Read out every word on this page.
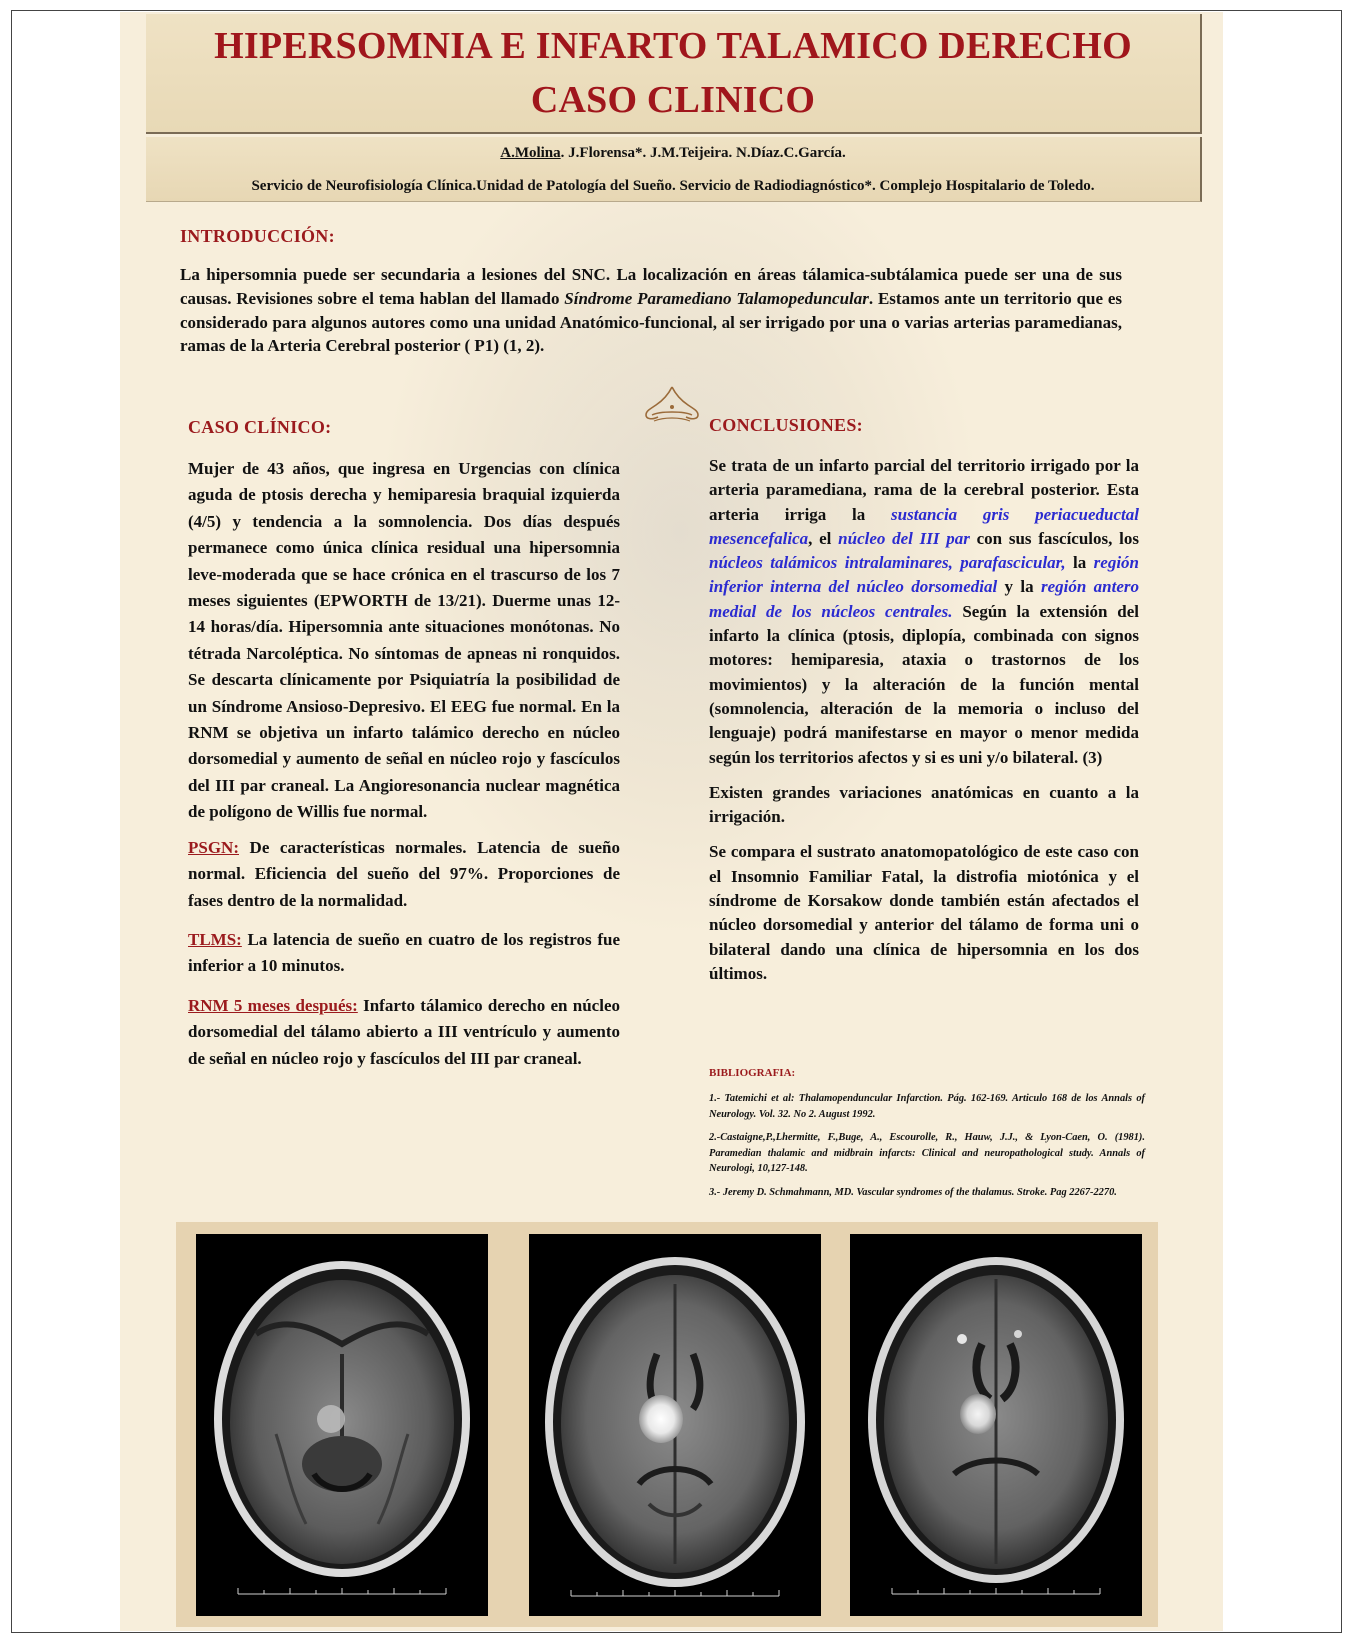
HIPERSOMNIA E INFARTO TALAMICO DERECHO
CASO CLINICO
A.Molina. J.Florensa*. J.M.Teijeira. N.Díaz.C.García.
Servicio de Neurofisiología Clínica.Unidad de Patología del Sueño. Servicio de Radiodiagnóstico*. Complejo Hospitalario de Toledo.
INTRODUCCIÓN:
La hipersomnia puede ser secundaria a lesiones del SNC. La localización en áreas tálamica-subtálamica puede ser una de sus causas. Revisiones sobre el tema hablan del llamado Síndrome Paramediano Talamopeduncular. Estamos ante un territorio que es considerado para algunos autores como una unidad Anatómico-funcional, al ser irrigado por una o varias arterias paramedianas, ramas de la Arteria Cerebral posterior ( P1) (1, 2).
CASO CLÍNICO:

Mujer de 43 años, que ingresa en Urgencias con clínica aguda de ptosis derecha y hemiparesia braquial izquierda (4/5) y tendencia a la somnolencia. Dos días después permanece como única clínica residual una hipersomnia leve-moderada que se hace crónica en el trascurso de los 7 meses siguientes (EPWORTH de 13/21). Duerme unas 12-14 horas/día. Hipersomnia ante situaciones monótonas. No tétrada Narcoléptica. No síntomas de apneas ni ronquidos. Se descarta clínicamente por Psiquiatría la posibilidad de un Síndrome Ansioso-Depresivo. El EEG fue normal. En la RNM se objetiva un infarto talámico derecho en núcleo dorsomedial y aumento de señal en núcleo rojo y fascículos del III par craneal. La Angioresonancia nuclear magnética de polígono de Willis fue normal.

PSGN: De características normales. Latencia de sueño normal. Eficiencia del sueño del 97%. Proporciones de fases dentro de la normalidad.

TLMS: La latencia de sueño en cuatro de los registros fue inferior a 10 minutos.

RNM 5 meses después: Infarto tálamico derecho en núcleo dorsomedial del tálamo abierto a III ventrículo y aumento de señal en núcleo rojo y fascículos del III par craneal.

CONCLUSIONES:

Se trata de un infarto parcial del territorio irrigado por la arteria paramediana, rama de la cerebral posterior. Esta arteria irriga la sustancia gris periacueductal mesencefalica, el núcleo del III par con sus fascículos, los núcleos talámicos intralaminares, parafascicular, la región inferior interna del núcleo dorsomedial y la región antero medial de los núcleos centrales. Según la extensión del infarto la clínica (ptosis, diplopía, combinada con signos motores: hemiparesia, ataxia o trastornos de los movimientos) y la alteración de la función mental (somnolencia, alteración de la memoria o incluso del lenguaje) podrá manifestarse en mayor o menor medida según los territorios afectos y si es uni y/o bilateral. (3)

Existen grandes variaciones anatómicas en cuanto a la irrigación.

Se compara el sustrato anatomopatológico de este caso con el Insomnio Familiar Fatal, la distrofia miotónica y el síndrome de Korsakow donde también están afectados el núcleo dorsomedial y anterior del tálamo de forma uni o bilateral dando una clínica de hipersomnia en los dos últimos.

BIBLIOGRAFIA:
1.- Tatemichi et al: Thalamopenduncular Infarction. Pág. 162-169. Articulo 168 de los Annals of Neurology. Vol. 32. No 2. August 1992.
2.-Castaigne,P.,Lhermitte, F.,Buge, A., Escourolle, R., Hauw, J.J., & Lyon-Caen, O. (1981). Paramedian thalamic and midbrain infarcts: Clinical and neuropathological study. Annals of Neurologi, 10,127-148.
3.- Jeremy D. Schmahmann, MD. Vascular syndromes of the thalamus. Stroke. Pag 2267-2270.
